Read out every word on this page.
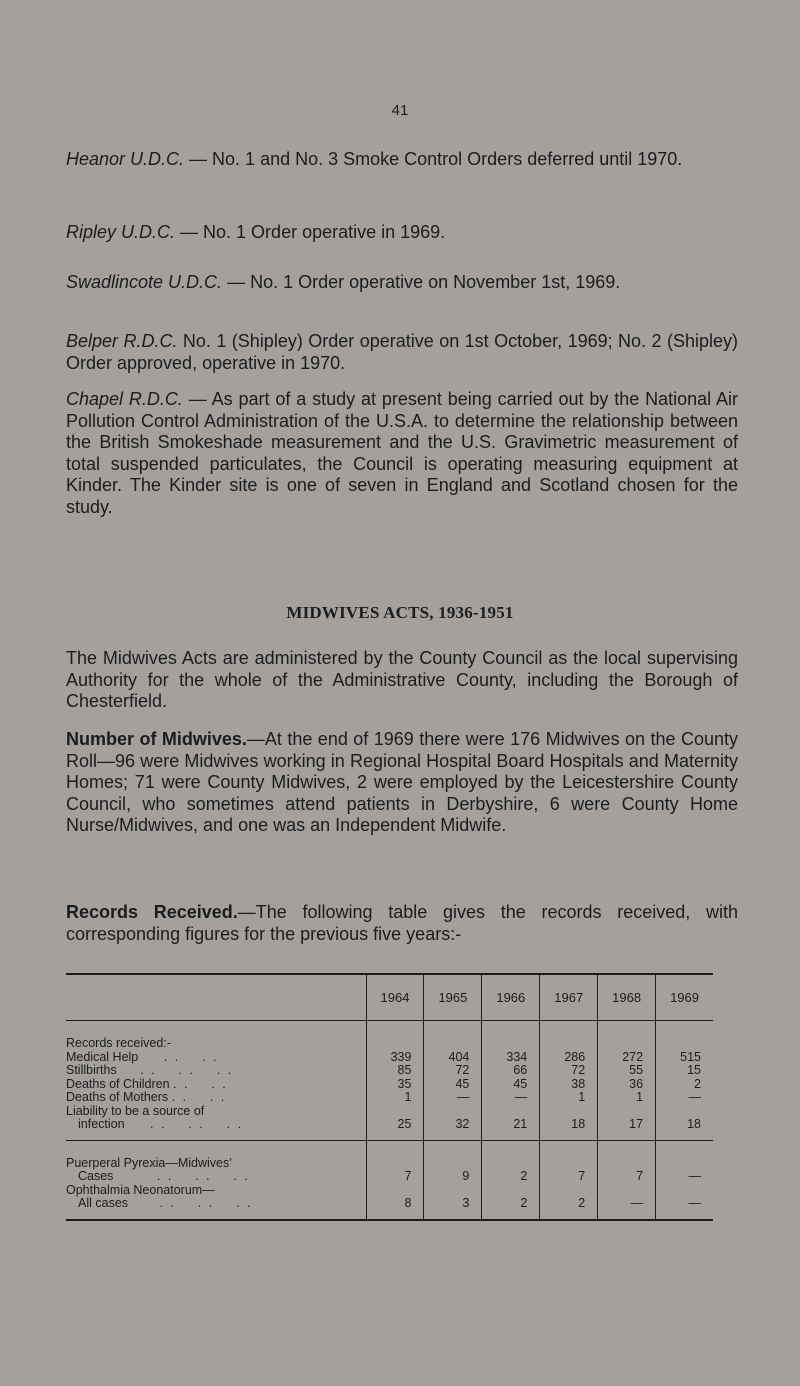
41

Heanor U.D.C. — No. 1 and No. 3 Smoke Control Orders deferred until 1970.

Ripley U.D.C. — No. 1 Order operative in 1969.

Swadlincote U.D.C. — No. 1 Order operative on November 1st, 1969.

Belper R.D.C. No. 1 (Shipley) Order operative on 1st October, 1969; No. 2 (Shipley) Order approved, operative in 1970.

Chapel R.D.C. — As part of a study at present being carried out by the National Air Pollution Control Administration of the U.S.A. to determine the relationship between the British Smokeshade measurement and the U.S. Gravimetric measurement of total suspended particulates, the Council is operating measuring equipment at Kinder. The Kinder site is one of seven in England and Scotland chosen for the study.

MIDWIVES ACTS, 1936-1951

The Midwives Acts are administered by the County Council as the local supervising Authority for the whole of the Administrative County, including the Borough of Chesterfield.

Number of Midwives.—At the end of 1969 there were 176 Midwives on the County Roll—96 were Midwives working in Regional Hospital Board Hospitals and Maternity Homes; 71 were County Midwives, 2 were employed by the Leicestershire County Council, who sometimes attend patients in Derbyshire, 6 were County Home Nurse/Midwives, and one was an Independent Midwife.

Records Received.—The following table gives the records received, with corresponding figures for the previous five years:-

	1964	1965	1966	1967	1968	1969

Records received:-						
Medical Help . .    . .	339	404	334	286	272	515
Stillbirths . .    . .    . .	85	72	66	72	55	15
Deaths of Children . .    . .	35	45	45	38	36	2
Deaths of Mothers . .    . .	1	—	—	1	1	—
Liability to be a source of						
infection . .    . .    . .	25	32	21	18	17	18

Puerperal Pyrexia—Midwives’						
Cases . .    . .    . .	7	9	2	7	7	—
Ophthalmia Neonatorum—						
All cases . .    . .    . .	8	3	2	2	—	—
